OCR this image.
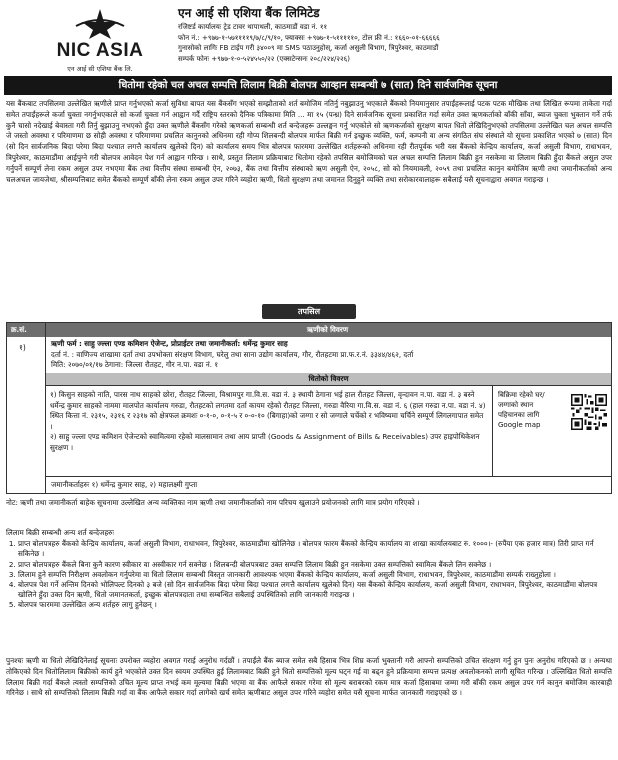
NIC ASIA
एन आई सी एशिया बैंक लि.
एन आई सी एशिया बैंक लिमिटेड
रजिष्टर्ड कार्यालयः ट्रेड टावर थापाथली, काठमाडौं वडा नं. ११
फोन नं.: +९७७-१-५७११११९/७/८/९/१०, फ्याक्सः +९७७-१-५१११११०, टोल फ्री नं.: १६६०-०१-६६६६६
गुनासोको लागिः FB टाईप गरी ३४००९ मा SMS पठाउनुहोस्, कर्जा असुली विभाग, त्रिपुरेश्वर, काठमाडौं
सम्पर्क फोनः +९७७-१-०-५२४५५०/२२ (एक्सटेन्सनः २०८/२२४/२२६)
धितोमा रहेको चल अचल सम्पत्ति लिलाम बिक्री बोलपत्र आव्हान सम्बन्धी ७ (सात) दिने सार्वजनिक सूचना
यस बैंकबाट तपसिलमा उल्लेखित ऋणीले प्राप्त गर्नुभएको कर्जा सुविधा बापत यस बैंकसँग भएको सम्झौताको शर्त बमोजिम नतिर्नु नबुझाउनु भएकाले बैंकको नियमानुसार तपाईंहरूलाई पटक पटक मौखिक तथा लिखित रूपमा ताकेता गर्दा समेत तपाईंहरूले कर्जा चुक्ता नगर्नुभएकाले सो कर्जा चुक्ता गर्न आह्वान गर्दै राष्ट्रिय स्तरको दैनिक पत्रिकामा मिति ... मा १५ (पन्ध्र) दिने सार्वजनिक सूचना प्रकाशित गर्दा समेत उक्त ऋणकर्ताको बाँकी साँवा, ब्याज चुक्ता भुक्तान गर्ने तर्फ कुनै चासो नदेखाई बेवास्ता गरी तिर्नु बुझाउनु नभएको हुँदा उक्त ऋणीले बैंकसँग गरेको ऋणकर्जा सम्बन्धी शर्त बन्देजहरू उल्लङ्घन गर्नु भएकोले सो ऋणकर्जाको सुरक्षण बापत धितो लेखिदिनुभएको तपसिलमा उल्लेखित चल अचल सम्पत्ति जे जस्तो अवस्था र परिमाणमा छ सोही अवस्था र परिमाणमा प्रचलित कानुनको अधिनमा रही गोप्य शिलबन्दी बोलपत्र मार्फत बिक्री गर्न इच्छुक व्यक्ति, फर्म, कम्पनी वा अन्य संगठित संघ संस्थाले यो सूचना प्रकाशित भएको ७ (सात) दिन (सो दिन सार्वजनिक बिदा परेमा बिदा पश्चात लगत्तै कार्यालय खुलेको दिन) को कार्यालय समय भित्र बोलपत्र फारममा उल्लेखित शर्तहरूको अधिनमा रही रीतपूर्वक भरी यस बैंकको केन्द्रिय कार्यालय, कर्जा असुली विभाग, राधाभवन, त्रिपुरेश्वर, काठमाडौंमा आईपुग्ने गरी बोलपत्र आवेदन पेश गर्न आह्वान गरिन्छ । साथै, प्रस्तुत लिलाम प्रक्रियाबाट धितोमा रहेको तपसिल बमोजिमको चल अचल सम्पत्ति लिलाम बिक्री हुन नसकेमा वा लिलाम बिक्री हुँदा बैंकले असुल उपर गर्नुपर्ने सम्पूर्ण लेना रकम असुल उपर नभएमा बैंक तथा वित्तीय संस्था सम्बन्धी ऐन, २०७३, बैंक तथा वित्तीय संस्थाको ऋण असुली ऐन, २०५८, सो को नियमावली, २०५९ तथा प्रचलित कानुन बमोजिम ऋणी तथा जमानीकर्ताको अन्य चलअचल जायजेथा, श्रीसम्पत्तिबाट समेत बैंकको सम्पूर्ण बाँकी लेना रकम असुल उपर गरिने व्यहोरा ऋणी, धितो सुरक्षण तथा जमानत दिनुहुने व्यक्ति तथा सरोकारवालाहरू सबैलाई यसै सूचनाद्वारा अवगत गराइन्छ ।
तपसिल
क्र.सं.	ऋणीको विवरण
१)	ऋणी फर्म : साहु ज्ल्ला एण्ड कमिशन ऐजेन्ट, प्रोप्राईटर तथा जमानीकर्ता: धर्मेन्द्र कुमार साह
दर्ता नं. : वाणिज्य शाखामा दर्ता तथा उपभोक्ता संरक्षण विभाग, घरेलु तथा साना उद्योग कार्यालय, गौर, रौतहटमा प्रा.फ.र.नं. ३३४४/४६२, दर्ता
मिति: २०७०/०१/१७ ठेगाना: जिल्ला रौतहट, गौर न.पा. वडा नं. १
धितोको विवरण
१) किसुन साहको नाति, पारस नाथ साहको छोरा, रौतहट जिल्ला, विश्रामपुर गा.वि.स. वडा नं. ३ स्थायी ठेगाना भई हाल रौतहट जिल्ला, वृन्दावन न.पा. वडा नं. ३ बस्ने धर्मेन्द्र कुमार साहको नाममा मालपोत कार्यालय गरुडा, रौतहटको लगतमा दर्ता कायम रहेको रौतहट जिल्ला, गरुडा वैरिया गा.वि.स. वडा नं. ६ (हाल गरुडा न.पा. वडा नं. ४) स्थित कित्ता नं. २३१५, २३१६ र २३१७ को क्षेत्रफल क्रमशः ०-१-०, ०-१-५ र ०-०-१० (बिगाहा)को जग्गा र सो जग्गाले चर्चेको र भविष्यमा चर्चिने सम्पूर्ण लिगलगापात समेत ।
२) साहु ज्ल्ला एण्ड कमिशन ऐजेन्टको स्वामित्वमा रहेको मालसामान तथा आय प्राप्ती (Goods & Assignment of Bills & Receivables) उपर हाइपोथिकेशन सुरक्षण ।
बिक्रिमा रहेको घर/जग्गाको स्थान पहिचानका लागि Google map
जमानीकर्ताहरुः १) धर्मेन्द्र कुमार साह, २) महालक्ष्मी गुप्ता
नोट: ऋणी तथा जमानीकर्ता बाहेक सूचनामा उल्लेखित अन्य व्यक्तिका नाम ऋणी तथा जमानीकर्ताको नाम परिचय खुलाउने प्रयोजनको लागि मात्र प्रयोग गरिएको ।
लिलाम बिक्री सम्बन्धी अन्य शर्त बन्देजहरुः
1. प्राप्त बोलपत्रहरु बैंकको केन्द्रिय कार्यालय, कर्जा असुली विभाग, राधाभवन, त्रिपुरेश्वर, काठमाडौंमा खोलिनेछ । बोलपत्र फारम बैंकको केन्द्रिय कार्यालय वा शाखा कार्यालयबाट रु. १०००।- (रुपैंया एक हजार मात्र) तिरी प्राप्त गर्न सकिनेछ ।
2. प्राप्त बोलपत्रहरु बैंकले बिना कुनै कारण स्वीकार वा अस्वीकार गर्न सक्नेछ । शिलबन्दी बोलपत्रबाट उक्त सम्पत्ति लिलाम बिक्री हुन नसकेमा उक्त सम्पत्तिको स्वामित्व बैंकले लिन सक्नेछ ।
3. लिलाम हुने सम्पत्ति निरीक्षण अवलोकन गर्नुपरेमा वा धितो लिलाम सम्बन्धी विस्तृत जानकारी आवश्यक भएमा बैंकको केन्द्रिय कार्यालय, कर्जा असुली विभाग, राधाभवन, त्रिपुरेश्वर, काठमाडौंमा सम्पर्क राख्नुहोला ।
4. बोलपत्र पेश गर्ने अन्तिम दिनको भोलिपल्ट दिनको ३ बजे (सो दिन सार्वजनिक बिदा परेमा बिदा पश्चात लगत्तै कार्यालय खुलेको दिन) यस बैंकको केन्द्रिय कार्यालय, कर्जा असुली विभाग, राधाभवन, त्रिपुरेश्वर, काठमाडौंमा बोलपत्र खोलिने हुँदा उक्त दिन ऋणी, धितो जमानतकर्ता, इच्छुक बोलपत्रदाता तथा सम्बन्धित सबैलाई उपस्थितिको लागि जानकारी गराइन्छ ।
5. बोलपत्र फारममा उल्लेखित अन्य शर्तहरु लागु हुनेछन् ।
पुनश्चः ऋणी वा धितो लेखिदिनेलाई सूचनाः उपरोक्त व्यहोरा अवगत गराई अनुरोध गर्दछौं । तपाईंले बैंक ब्याज समेत सबै हिसाब भित्र शिघ्र कर्जा भुक्तानी गरी आफ्नो सम्पत्तिको उचित संरक्षण गर्नु हुन पुनः अनुरोध गरिएको छ । अन्यथा तोकिएको दिन धितोलिलाम बिक्रीको कार्य हुने भएकोले उक्त दिन स्वयम उपस्थित हुई लिलामबाट बिक्री हुने धितो सम्पत्तिको मूल्य घट्न गई वा बढ्न हुने प्रक्रियामा सम्पत्त प्रत्यक्ष अवलोकनको लागी सूचित गरिन्छ । उल्लिखित धितो सम्पत्ति लिलाम बिक्री गर्दा बैंकले त्यस्तो सम्पत्तिको उचित मूल्य प्राप्त नभई कम मूल्यमा बिक्री भएमा वा बैंक आफैले सकार गरेमा सो मूल्य बराबरको रकम मात्र कर्जा हिसाबमा जम्मा गरी बाँकी रकम असुल उपर गर्न कानुन बमोजिम कारबाही गरिनेछ । साथै सो सम्पत्तिको लिलाम बिक्री गर्दा वा बैंक आफैले सकार गर्दा लागेको खर्च समेत ऋणीबाट असुल उपर गरिने व्यहोरा समेत यसै सूचना मार्फत जानकारी गराइएको छ ।
